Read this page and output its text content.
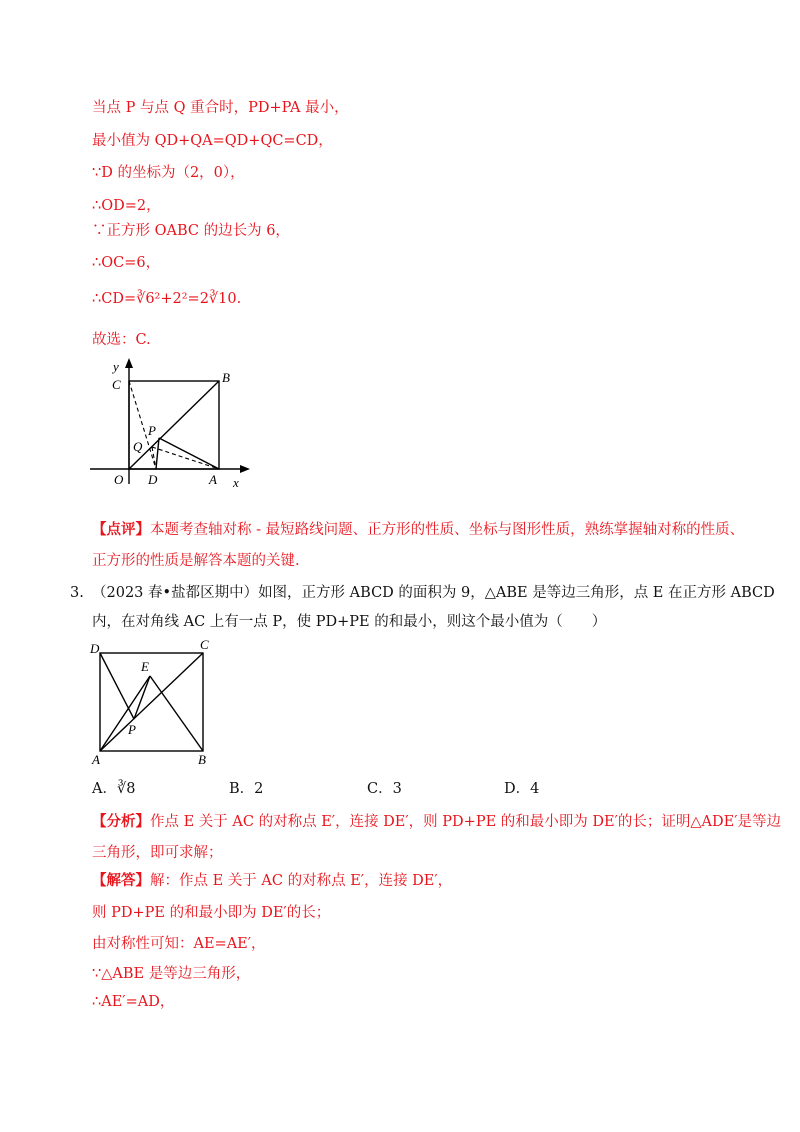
当点 P 与点 Q 重合时，PD+PA 最小，
最小值为 QD+QA=QD+QC=CD，
∵D 的坐标为（2，0），
∴OD=2，
∵正方形 OABC 的边长为 6，
∴OC=6，
∴CD=∛6²+2²=2∛10.
故选：C.
y
C	B
P
Q
O D	A x
【点评】本题考查轴对称 - 最短路线问题、正方形的性质、坐标与图形性质，熟练掌握轴对称的性质、
正方形的性质是解答本题的关键.
3. （2023 春•盐都区期中）如图，正方形 ABCD 的面积为 9，△ABE 是等边三角形，点 E 在正方形 ABCD
内，在对角线 AC 上有一点 P，使 PD+PE 的和最小，则这个最小值为（　　）
D	C
E
P
A	B
A．∛8	B．2	C．3	D．4
【分析】作点 E 关于 AC 的对称点 E′，连接 DE′，则 PD+PE 的和最小即为 DE′的长；证明△ADE′是等边
三角形，即可求解；
【解答】解：作点 E 关于 AC 的对称点 E′，连接 DE′，
则 PD+PE 的和最小即为 DE′的长；
由对称性可知：AE=AE′，
∵△ABE 是等边三角形，
∴AE′=AD，
